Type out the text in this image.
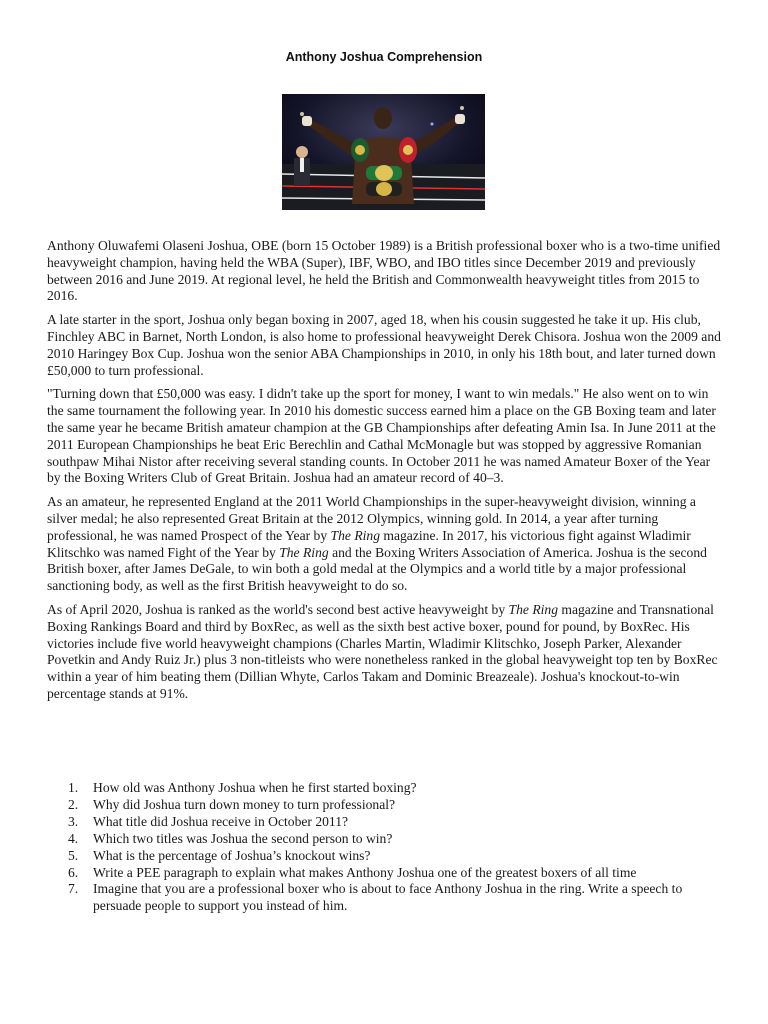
Anthony Joshua Comprehension

Anthony Oluwafemi Olaseni Joshua, OBE (born 15 October 1989) is a British professional boxer who is a two-time unified heavyweight champion, having held the WBA (Super), IBF, WBO, and IBO titles since December 2019 and previously between 2016 and June 2019. At regional level, he held the British and Commonwealth heavyweight titles from 2015 to 2016.

A late starter in the sport, Joshua only began boxing in 2007, aged 18, when his cousin suggested he take it up. His club, Finchley ABC in Barnet, North London, is also home to professional heavyweight Derek Chisora. Joshua won the 2009 and 2010 Haringey Box Cup. Joshua won the senior ABA Championships in 2010, in only his 18th bout, and later turned down £50,000 to turn professional.

"Turning down that £50,000 was easy. I didn't take up the sport for money, I want to win medals." He also went on to win the same tournament the following year. In 2010 his domestic success earned him a place on the GB Boxing team and later the same year he became British amateur champion at the GB Championships after defeating Amin Isa. In June 2011 at the 2011 European Championships he beat Eric Berechlin and Cathal McMonagle but was stopped by aggressive Romanian southpaw Mihai Nistor after receiving several standing counts. In October 2011 he was named Amateur Boxer of the Year by the Boxing Writers Club of Great Britain. Joshua had an amateur record of 40–3.

As an amateur, he represented England at the 2011 World Championships in the super-heavyweight division, winning a silver medal; he also represented Great Britain at the 2012 Olympics, winning gold. In 2014, a year after turning professional, he was named Prospect of the Year by The Ring magazine. In 2017, his victorious fight against Wladimir Klitschko was named Fight of the Year by The Ring and the Boxing Writers Association of America. Joshua is the second British boxer, after James DeGale, to win both a gold medal at the Olympics and a world title by a major professional sanctioning body, as well as the first British heavyweight to do so.

As of April 2020, Joshua is ranked as the world's second best active heavyweight by The Ring magazine and Transnational Boxing Rankings Board and third by BoxRec, as well as the sixth best active boxer, pound for pound, by BoxRec. His victories include five world heavyweight champions (Charles Martin, Wladimir Klitschko, Joseph Parker, Alexander Povetkin and Andy Ruiz Jr.) plus 3 non-titleists who were nonetheless ranked in the global heavyweight top ten by BoxRec within a year of him beating them (Dillian Whyte, Carlos Takam and Dominic Breazeale). Joshua's knockout-to-win percentage stands at 91%.

1. How old was Anthony Joshua when he first started boxing?
2. Why did Joshua turn down money to turn professional?
3. What title did Joshua receive in October 2011?
4. Which two titles was Joshua the second person to win?
5. What is the percentage of Joshua’s knockout wins?
6. Write a PEE paragraph to explain what makes Anthony Joshua one of the greatest boxers of all time
7. Imagine that you are a professional boxer who is about to face Anthony Joshua in the ring. Write a speech to persuade people to support you instead of him.
